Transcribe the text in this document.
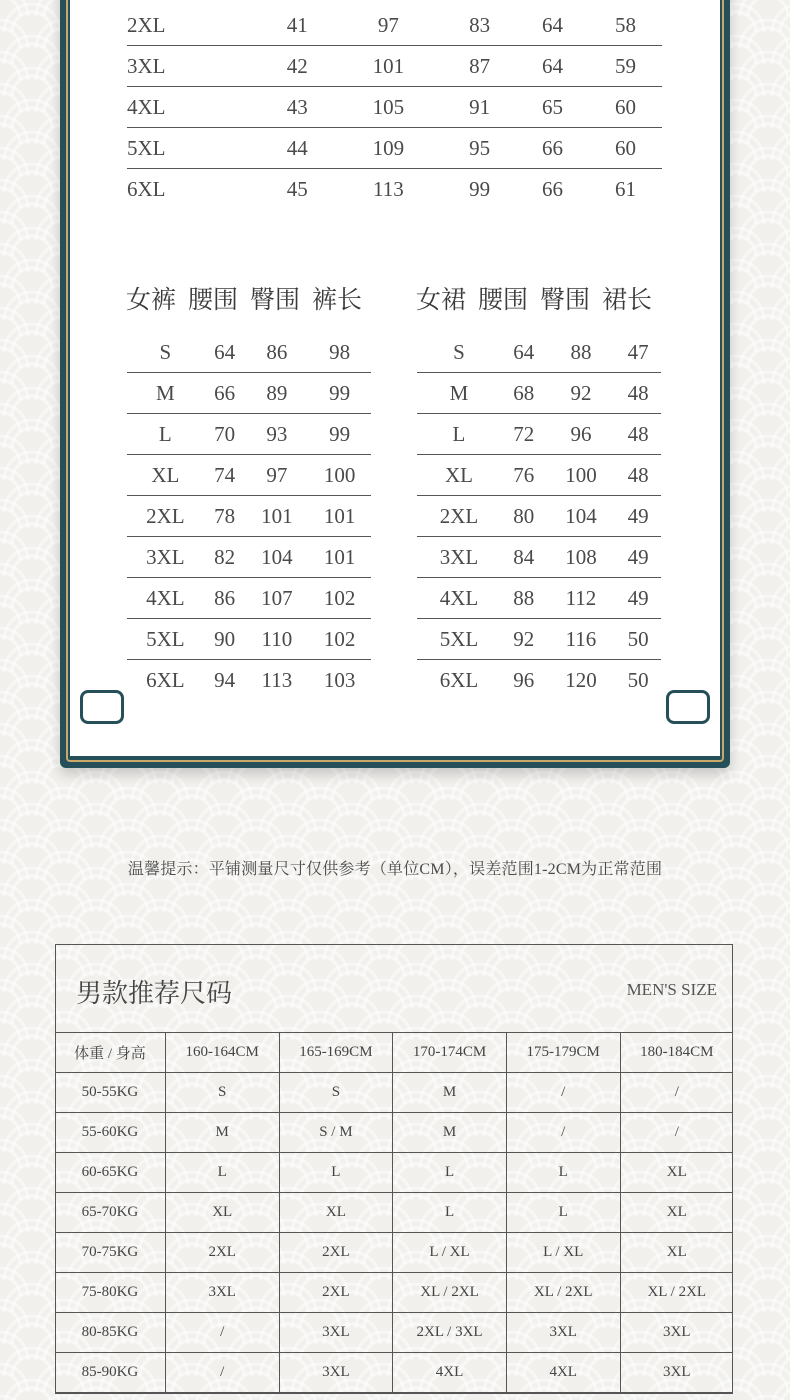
2XL	41	97	83	64	58
3XL	42	101	87	64	59
4XL	43	105	91	65	60
5XL	44	109	95	66	60
6XL	45	113	99	66	61
女裤 腰围 臀围 裤长
S	64	86	98
M	66	89	99
L	70	93	99
XL	74	97	100
2XL	78	101	101
3XL	82	104	101
4XL	86	107	102
5XL	90	110	102
6XL	94	113	103
女裙 腰围 臀围 裙长
S	64	88	47
M	68	92	48
L	72	96	48
XL	76	100	48
2XL	80	104	49
3XL	84	108	49
4XL	88	112	49
5XL	92	116	50
6XL	96	120	50
温馨提示：平铺测量尺寸仅供参考（单位CM），误差范围1-2CM为正常范围
男款推荐尺码	MEN'S SIZE
体重 / 身高	160-164CM	165-169CM	170-174CM	175-179CM	180-184CM
50-55KG	S	S	M	/	/
55-60KG	M	S / M	M	/	/
60-65KG	L	L	L	L	XL
65-70KG	XL	XL	L	L	XL
70-75KG	2XL	2XL	L / XL	L / XL	XL
75-80KG	3XL	2XL	XL / 2XL	XL / 2XL	XL / 2XL
80-85KG	/	3XL	2XL / 3XL	3XL	3XL
85-90KG	/	3XL	4XL	4XL	3XL
